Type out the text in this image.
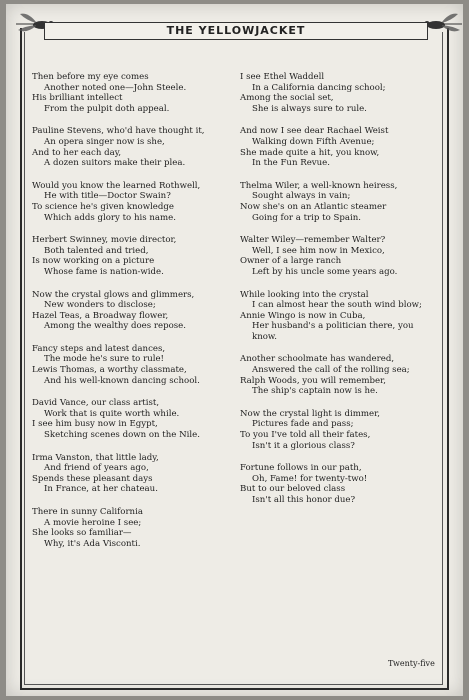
THE YELLOWJACKET
Then before my eye comes
Another noted one—John Steele.
His brilliant intellect
From the pulpit doth appeal.
Pauline Stevens, who'd have thought it,
An opera singer now is she,
And to her each day,
A dozen suitors make their plea.
Would you know the learned Rothwell,
He with title—Doctor Swain?
To science he's given knowledge
Which adds glory to his name.
Herbert Swinney, movie director,
Both talented and tried,
Is now working on a picture
Whose fame is nation-wide.
Now the crystal glows and glimmers,
New wonders to disclose;
Hazel Teas, a Broadway flower,
Among the wealthy does repose.
Fancy steps and latest dances,
The mode he's sure to rule!
Lewis Thomas, a worthy classmate,
And his well-known dancing school.
David Vance, our class artist,
Work that is quite worth while.
I see him busy now in Egypt,
Sketching scenes down on the Nile.
Irma Vanston, that little lady,
And friend of years ago,
Spends these pleasant days
In France, at her chateau.
There in sunny California
A movie heroine I see;
She looks so familiar—
Why, it's Ada Visconti.
I see Ethel Waddell
In a California dancing school;
Among the social set,
She is always sure to rule.
And now I see dear Rachael Weist
Walking down Fifth Avenue;
She made quite a hit, you know,
In the Fun Revue.
Thelma Wiler, a well-known heiress,
Sought always in vain;
Now she's on an Atlantic steamer
Going for a trip to Spain.
Walter Wiley—remember Walter?
Well, I see him now in Mexico,
Owner of a large ranch
Left by his uncle some years ago.
While looking into the crystal
I can almost hear the south wind blow;
Annie Wingo is now in Cuba,
Her husband's a politician there, you know.
Another schoolmate has wandered,
Answered the call of the rolling sea;
Ralph Woods, you will remember,
The ship's captain now is he.
Now the crystal light is dimmer,
Pictures fade and pass;
To you I've told all their fates,
Isn't it a glorious class?
Fortune follows in our path,
Oh, Fame! for twenty-two!
But to our beloved class
Isn't all this honor due?
Twenty-five
